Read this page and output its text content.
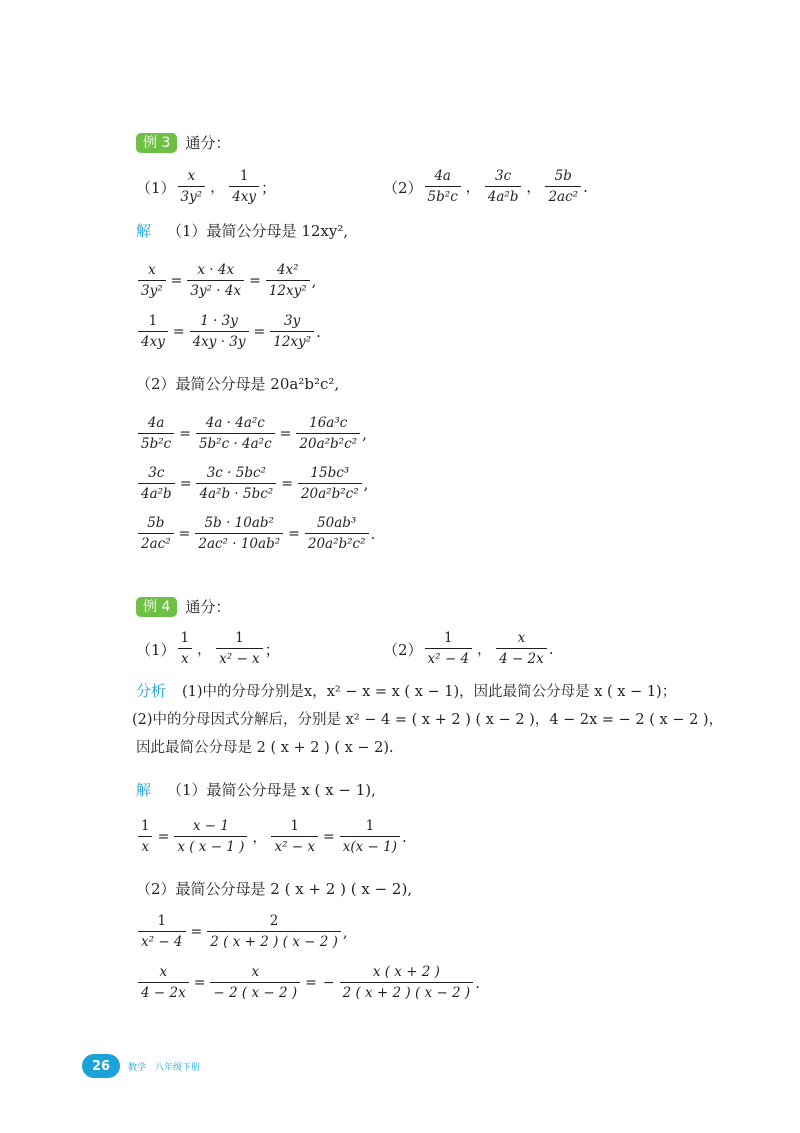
例 3	通分：
（1）
x
3y²
，
1
4xy
；	（2）
4a
5b²c
，
3c
4a²b
，
5b
2ac²
.
解 （1）最简公分母是 12xy²,
$\frac{x}{\text{3y²}} = \frac{x \cdot 4x}{\text{3y² · 4x}} = \frac{\text{4x²}}{\text{12xy²}}$ ,
$\frac{1}{4xy} = \frac{1 \cdot 3y}{4xy \cdot 3y} = \frac{3y}{\text{12xy²}}$ .
（2）最简公分母是 20a²b²c²,
$\frac{4a}{\text{5b²c}} = \frac{\text{4a · 4a²c}}{\text{5b²c · 4a²c}} = \frac{\text{16a³c}}{\text{20a²b²c²}}$ ,
$\frac{3c}{\text{4a²b}} = \frac{\text{3c · 5bc²}}{\text{4a²b · 5bc²}} = \frac{\text{15bc³}}{\text{20a²b²c²}}$ ,
$\frac{5b}{\text{2ac²}} = \frac{\text{5b · 10ab²}}{\text{2ac² · 10ab²}} = \frac{\text{50ab³}}{\text{20a²b²c²}}$ .
例 4	通分：
（1）
1
x
，
1
x² − x
；	（2）
1
x² − 4
，
x
4 − 2x
.
分析 (1)中的分母分别是x，x² − x = x ( x − 1)，因此最简公分母是 x ( x − 1)；
(2)中的分母因式分解后，分别是 x² − 4 = ( x + 2 ) ( x − 2 )，4 − 2x = − 2 ( x − 2 )，
因此最简公分母是 2 ( x + 2 ) ( x − 2).
解 （1）最简公分母是 x ( x − 1),
$\frac{1}{x} = \frac{x - 1}{x ( x - 1 )}$ ， $\frac{1}{\text{x² − x}} = \frac{1}{x(x - 1)}$ .
（2）最简公分母是 2 ( x + 2 ) ( x − 2),
$\frac{1}{\text{x² − 4}} = \frac{2}{2 ( x + 2 ) ( x - 2 )}$ ,
$\frac{x}{4 - 2x} = \frac{x}{- 2 ( x - 2 )}$ = − $\frac{x ( x + 2 )}{2 ( x + 2 ) ( x - 2 )}$ .
26	数学　八年级下册
